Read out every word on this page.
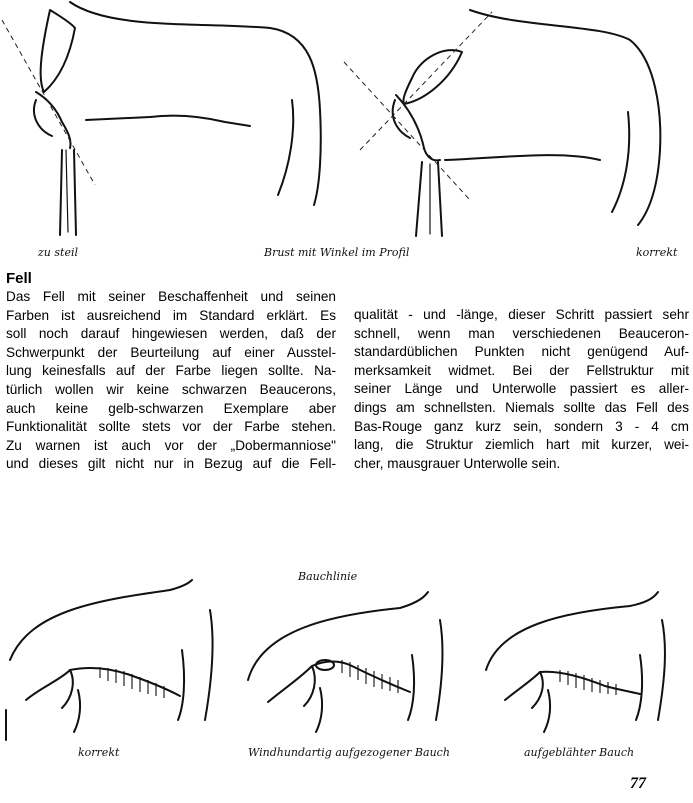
zu steil	Brust mit Winkel im Profil	korrekt
Fell
Das Fell mit seiner Beschaffenheit und seinen
Farben ist ausreichend im Standard erklärt. Es
soll noch darauf hingewiesen werden, daß der
Schwerpunkt der Beurteilung auf einer Ausstel-
lung keinesfalls auf der Farbe liegen sollte. Na-
türlich wollen wir keine schwarzen Beaucerons,
auch keine gelb-schwarzen Exemplare aber
Funktionalität sollte stets vor der Farbe stehen.
Zu warnen ist auch vor der „Dobermanniose"
und dieses gilt nicht nur in Bezug auf die Fell-
qualität - und -länge, dieser Schritt passiert sehr
schnell, wenn man verschiedenen Beauceron-
standardüblichen Punkten nicht genügend Auf-
merksamkeit widmet. Bei der Fellstruktur mit
seiner Länge und Unterwolle passiert es aller-
dings am schnellsten. Niemals sollte das Fell des
Bas-Rouge ganz kurz sein, sondern 3 - 4 cm
lang, die Struktur ziemlich hart mit kurzer, wei-
cher, mausgrauer Unterwolle sein.
Bauchlinie
korrekt	Windhundartig aufgezogener Bauch	aufgeblähter Bauch
77
